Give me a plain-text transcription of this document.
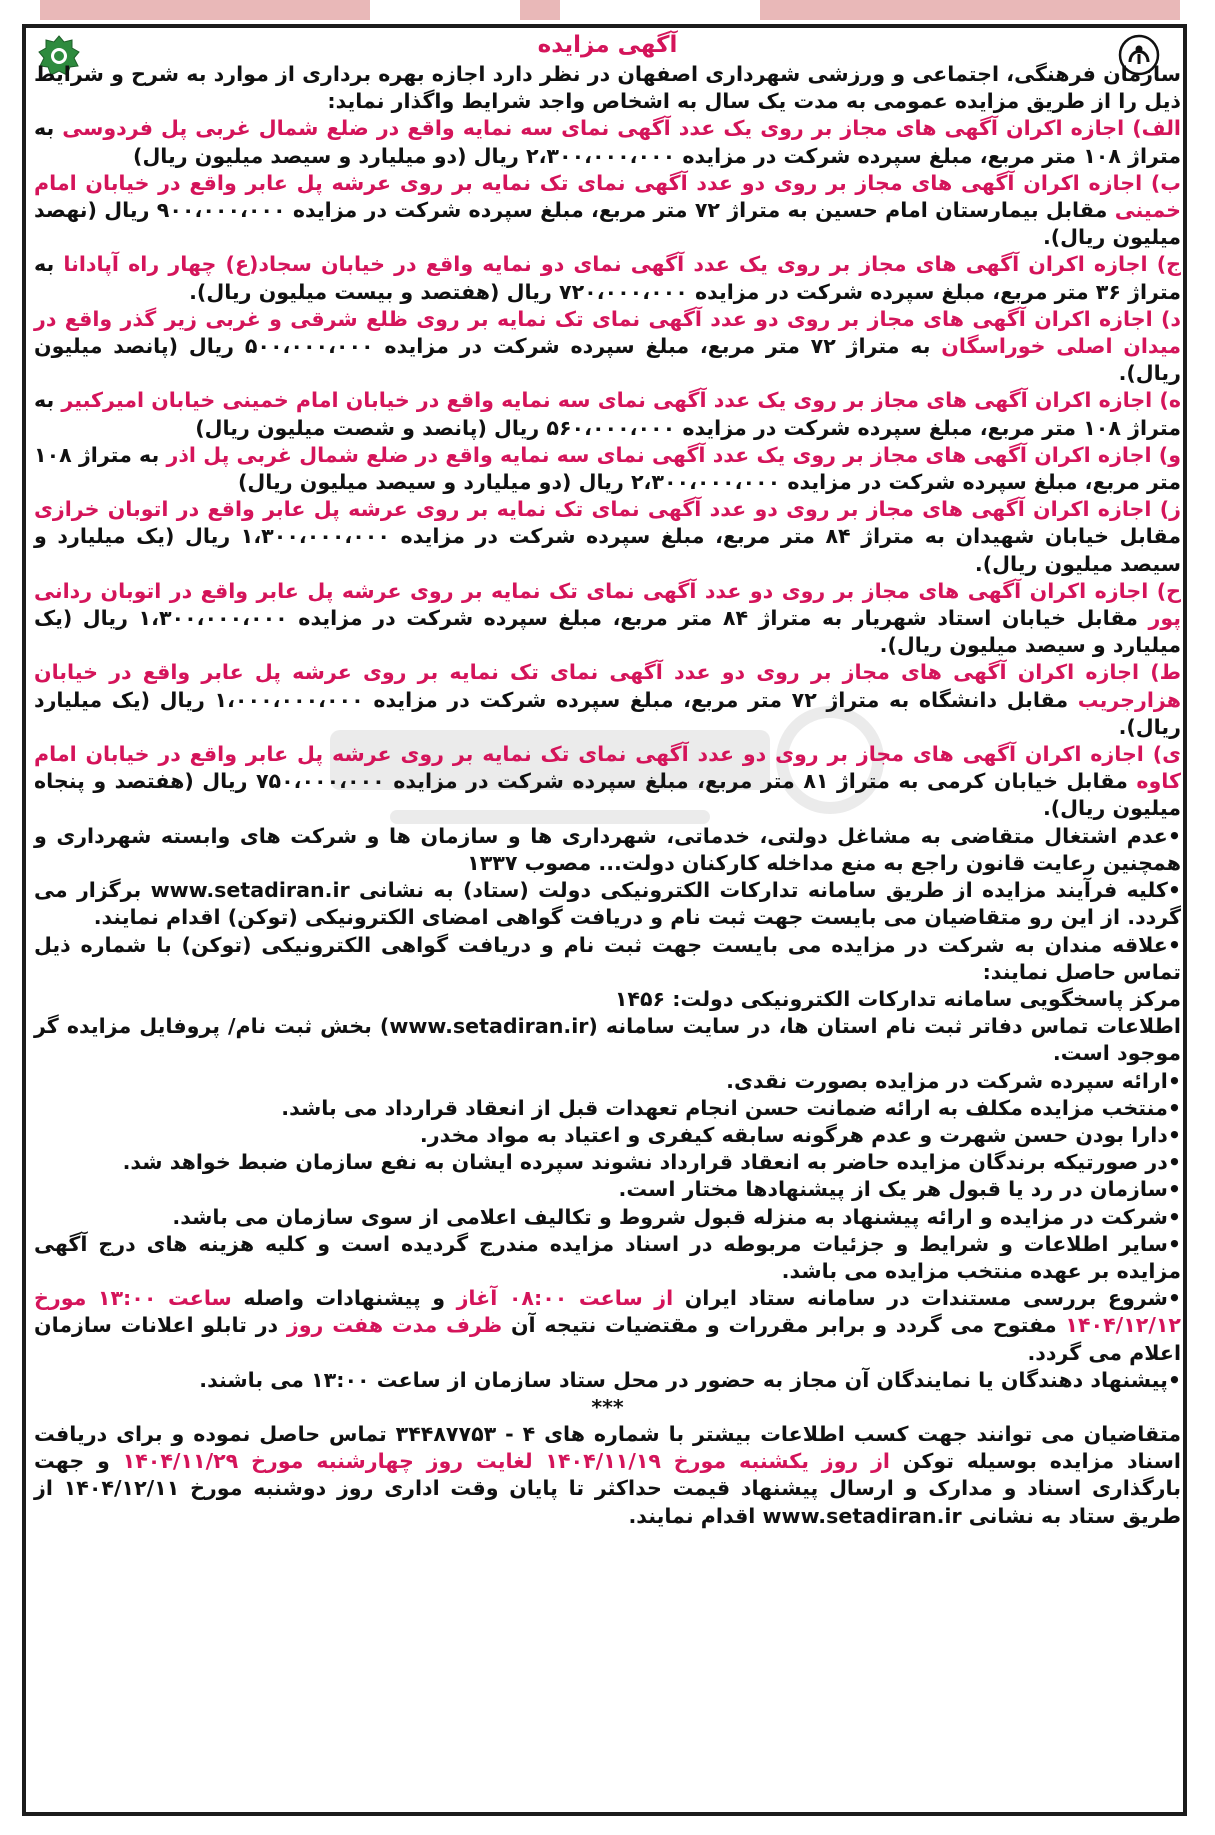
آگهی مزایده

سازمان فرهنگی، اجتماعی و ورزشی شهرداری اصفهان در نظر دارد اجازه بهره برداری از موارد به شرح و شرایط ذیل را از طریق مزایده عمومی به مدت یک سال به اشخاص واجد شرایط واگذار نماید:

الف) اجازه اکران آگهی های مجاز بر روی یک عدد آگهی نمای سه نمایه واقع در ضلع شمال غربی پل فردوسی به متراژ ۱۰۸ متر مربع، مبلغ سپرده شرکت در مزایده ۲،۳۰۰،۰۰۰،۰۰۰ ریال (دو میلیارد و سیصد میلیون ریال)

ب) اجازه اکران آگهی های مجاز بر روی دو عدد آگهی نمای تک نمایه بر روی عرشه پل عابر واقع در خیابان امام خمینی مقابل بیمارستان امام حسین به متراژ ۷۲ متر مربع، مبلغ سپرده شرکت در مزایده ۹۰۰،۰۰۰،۰۰۰ ریال (نهصد میلیون ریال).

ج) اجازه اکران آگهی های مجاز بر روی یک عدد آگهی نمای دو نمایه واقع در خیابان سجاد(ع) چهار راه آپادانا به متراژ ۳۶ متر مربع، مبلغ سپرده شرکت در مزایده ۷۲۰،۰۰۰،۰۰۰ ریال (هفتصد و بیست میلیون ریال).

د) اجازه اکران آگهی های مجاز بر روی دو عدد آگهی نمای تک نمایه بر روی ظلع شرقی و غربی زیر گذر واقع در میدان اصلی خوراسگان به متراژ ۷۲ متر مربع، مبلغ سپرده شرکت در مزایده ۵۰۰،۰۰۰،۰۰۰ ریال (پانصد میلیون ریال).

ه) اجازه اکران آگهی های مجاز بر روی یک عدد آگهی نمای سه نمایه واقع در خیابان امام خمینی خیابان امیرکبیر به متراژ ۱۰۸ متر مربع، مبلغ سپرده شرکت در مزایده ۵۶۰،۰۰۰،۰۰۰ ریال (پانصد و شصت میلیون ریال)

و) اجازه اکران آگهی های مجاز بر روی یک عدد آگهی نمای سه نمایه واقع در ضلع شمال غربی پل اذر به متراژ ۱۰۸ متر مربع، مبلغ سپرده شرکت در مزایده ۲،۳۰۰،۰۰۰،۰۰۰ ریال (دو میلیارد و سیصد میلیون ریال)

ز) اجازه اکران آگهی های مجاز بر روی دو عدد آگهی نمای تک نمایه بر روی عرشه پل عابر واقع در اتوبان خرازی مقابل خیابان شهیدان به متراژ ۸۴ متر مربع، مبلغ سپرده شرکت در مزایده ۱،۳۰۰،۰۰۰،۰۰۰ ریال (یک میلیارد و سیصد میلیون ریال).

ح) اجازه اکران آگهی های مجاز بر روی دو عدد آگهی نمای تک نمایه بر روی عرشه پل عابر واقع در اتوبان ردانی پور مقابل خیابان استاد شهریار به متراژ ۸۴ متر مربع، مبلغ سپرده شرکت در مزایده ۱،۳۰۰،۰۰۰،۰۰۰ ریال (یک میلیارد و سیصد میلیون ریال).

ط) اجازه اکران آگهی های مجاز بر روی دو عدد آگهی نمای تک نمایه بر روی عرشه پل عابر واقع در خیابان هزارجریب مقابل دانشگاه به متراژ ۷۲ متر مربع، مبلغ سپرده شرکت در مزایده ۱،۰۰۰،۰۰۰،۰۰۰ ریال (یک میلیارد ریال).

ی) اجازه اکران آگهی های مجاز بر روی دو عدد آگهی نمای تک نمایه بر روی عرشه پل عابر واقع در خیابان امام کاوه مقابل خیابان کرمی به متراژ ۸۱ متر مربع، مبلغ سپرده شرکت در مزایده ۷۵۰،۰۰۰،۰۰۰ ریال (هفتصد و پنجاه میلیون ریال).

•عدم اشتغال متقاضی به مشاغل دولتی، خدماتی، شهرداری ها و سازمان ها و شرکت های وابسته شهرداری و همچنین رعایت قانون راجع به منع مداخله کارکنان دولت... مصوب ۱۳۳۷

•کلیه فرآیند مزایده از طریق سامانه تدارکات الکترونیکی دولت (ستاد) به نشانی www.setadiran.ir برگزار می گردد. از این رو متقاضیان می بایست جهت ثبت نام و دریافت گواهی امضای الکترونیکی (توکن) اقدام نمایند.

•علاقه مندان به شرکت در مزایده می بایست جهت ثبت نام و دریافت گواهی الکترونیکی (توکن) با شماره ذیل تماس حاصل نمایند:

مرکز پاسخگویی سامانه تدارکات الکترونیکی دولت: ۱۴۵۶

اطلاعات تماس دفاتر ثبت نام استان ها، در سایت سامانه (www.setadiran.ir) بخش ثبت نام/ پروفایل مزایده گر موجود است.

•ارائه سپرده شرکت در مزایده بصورت نقدی.

•منتخب مزایده مکلف به ارائه ضمانت حسن انجام تعهدات قبل از انعقاد قرارداد می باشد.

•دارا بودن حسن شهرت و عدم هرگونه سابقه کیفری و اعتیاد به مواد مخدر.

•در صورتیکه برندگان مزایده حاضر به انعقاد قرارداد نشوند سپرده ایشان به نفع سازمان ضبط خواهد شد.

•سازمان در رد یا قبول هر یک از پیشنهادها مختار است.

•شرکت در مزایده و ارائه پیشنهاد به منزله قبول شروط و تکالیف اعلامی از سوی سازمان می باشد.

•سایر اطلاعات و شرایط و جزئیات مربوطه در اسناد مزایده مندرج گردیده است و کلیه هزینه های درج آگهی مزایده بر عهده منتخب مزایده می باشد.

•شروع بررسی مستندات در سامانه ستاد ایران از ساعت ۰۸:۰۰ آغاز و پیشنهادات واصله ساعت ۱۳:۰۰ مورخ ۱۴۰۴/۱۲/۱۲ مفتوح می گردد و برابر مقررات و مقتضیات نتیجه آن ظرف مدت هفت روز در تابلو اعلانات سازمان اعلام می گردد.

•پیشنهاد دهندگان یا نمایندگان آن مجاز به حضور در محل ستاد سازمان از ساعت ۱۳:۰۰ می باشند.

***

متقاضیان می توانند جهت کسب اطلاعات بیشتر با شماره های ۴ - ۳۴۴۸۷۷۵۳ تماس حاصل نموده و برای دریافت اسناد مزایده بوسیله توکن از روز یکشنبه مورخ ۱۴۰۴/۱۱/۱۹ لغایت روز چهارشنبه مورخ ۱۴۰۴/۱۱/۲۹ و جهت بارگذاری اسناد و مدارک و ارسال پیشنهاد قیمت حداکثر تا پایان وقت اداری روز دوشنبه مورخ ۱۴۰۴/۱۲/۱۱ از طریق ستاد به نشانی www.setadiran.ir اقدام نمایند.
